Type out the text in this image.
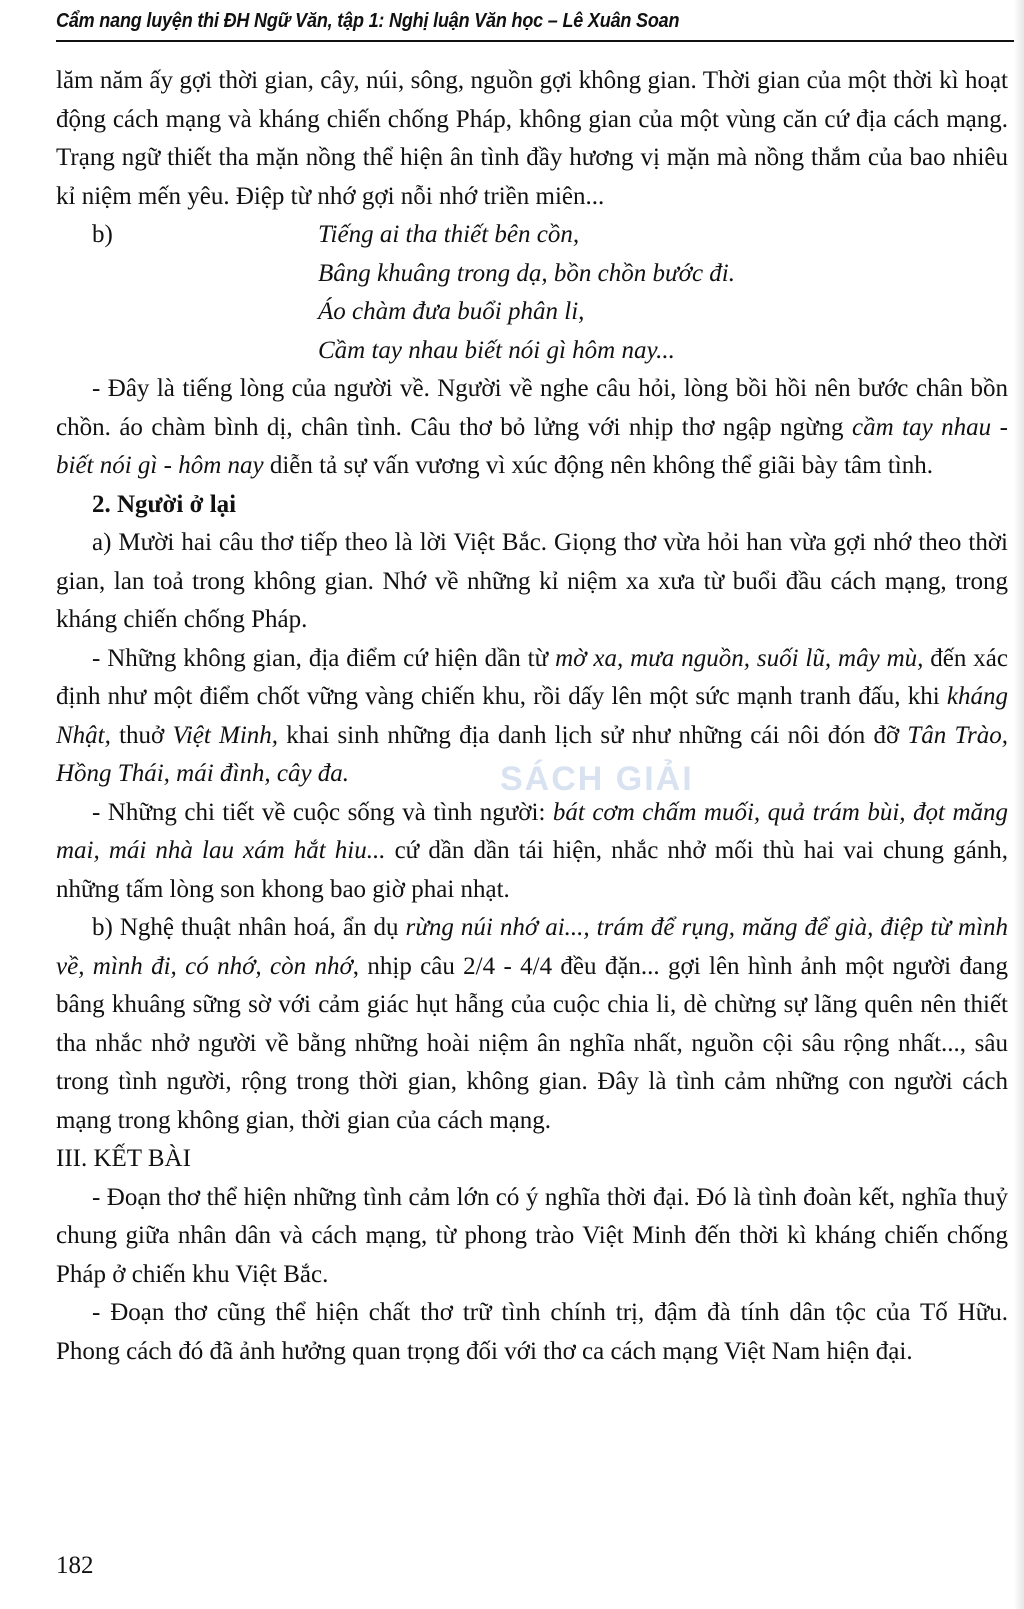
Cẩm nang luyện thi ĐH Ngữ Văn, tập 1: Nghị luận Văn học – Lê Xuân Soan
SÁCH GIẢI

lăm năm ấy gợi thời gian, cây, núi, sông, nguồn gợi không gian. Thời gian của một thời kì hoạt động cách mạng và kháng chiến chống Pháp, không gian của một vùng căn cứ địa cách mạng. Trạng ngữ thiết tha mặn nồng thể hiện ân tình đầy hương vị mặn mà nồng thắm của bao nhiêu kỉ niệm mến yêu. Điệp từ nhớ gợi nỗi nhớ triền miên...

b)	Tiếng ai tha thiết bên cồn,
Bâng khuâng trong dạ, bồn chồn bước đi.
Áo chàm đưa buổi phân li,
Cầm tay nhau biết nói gì hôm nay...

- Đây là tiếng lòng của người về. Người về nghe câu hỏi, lòng bồi hồi nên bước chân bồn chồn. áo chàm bình dị, chân tình. Câu thơ bỏ lửng với nhịp thơ ngập ngừng cầm tay nhau - biết nói gì - hôm nay diễn tả sự vấn vương vì xúc động nên không thể giãi bày tâm tình.

2. Người ở lại

a) Mười hai câu thơ tiếp theo là lời Việt Bắc. Giọng thơ vừa hỏi han vừa gợi nhớ theo thời gian, lan toả trong không gian. Nhớ về những kỉ niệm xa xưa từ buổi đầu cách mạng, trong kháng chiến chống Pháp.

- Những không gian, địa điểm cứ hiện dần từ mờ xa, mưa nguồn, suối lũ, mây mù, đến xác định như một điểm chốt vững vàng chiến khu, rồi dấy lên một sức mạnh tranh đấu, khi kháng Nhật, thuở Việt Minh, khai sinh những địa danh lịch sử như những cái nôi đón đỡ Tân Trào, Hồng Thái, mái đình, cây đa.

- Những chi tiết về cuộc sống và tình người: bát cơm chấm muối, quả trám bùi, đọt măng mai, mái nhà lau xám hắt hiu... cứ dần dần tái hiện, nhắc nhở mối thù hai vai chung gánh, những tấm lòng son khong bao giờ phai nhạt.

b) Nghệ thuật nhân hoá, ẩn dụ rừng núi nhớ ai..., trám để rụng, măng để già, điệp từ mình về, mình đi, có nhớ, còn nhớ, nhịp câu 2/4 - 4/4 đều đặn... gợi lên hình ảnh một người đang bâng khuâng sững sờ với cảm giác hụt hẫng của cuộc chia li, dè chừng sự lãng quên nên thiết tha nhắc nhở người về bằng những hoài niệm ân nghĩa nhất, nguồn cội sâu rộng nhất..., sâu trong tình người, rộng trong thời gian, không gian. Đây là tình cảm những con người cách mạng trong không gian, thời gian của cách mạng.

III. KẾT BÀI

- Đoạn thơ thể hiện những tình cảm lớn có ý nghĩa thời đại. Đó là tình đoàn kết, nghĩa thuỷ chung giữa nhân dân và cách mạng, từ phong trào Việt Minh đến thời kì kháng chiến chống Pháp ở chiến khu Việt Bắc.

- Đoạn thơ cũng thể hiện chất thơ trữ tình chính trị, đậm đà tính dân tộc của Tố Hữu. Phong cách đó đã ảnh hưởng quan trọng đối với thơ ca cách mạng Việt Nam hiện đại.

182
